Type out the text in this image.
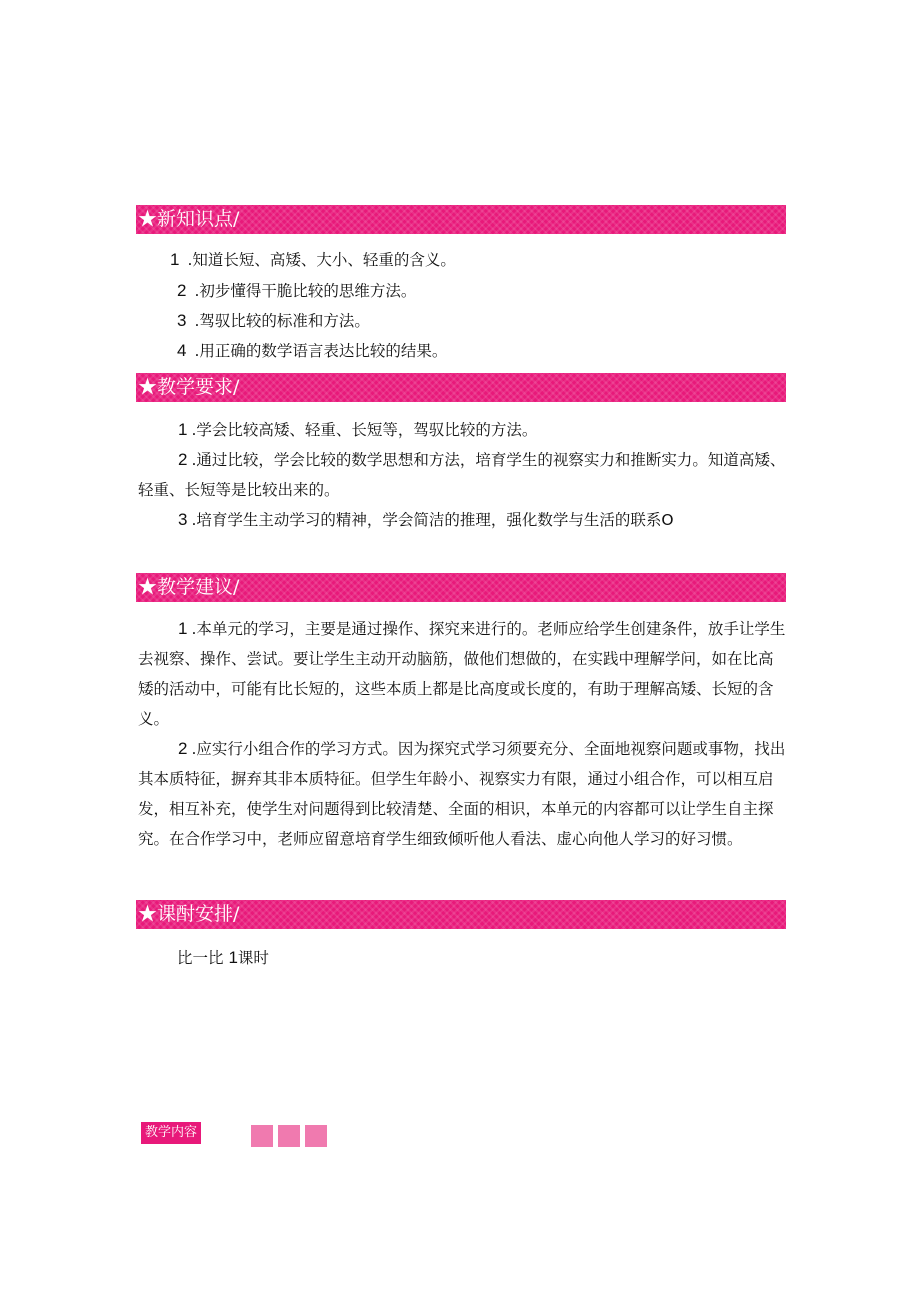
★新知识点/
1 .知道长短、高矮、大小、轻重的含义。
2 .初步懂得干脆比较的思维方法。
3 .驾驭比较的标准和方法。
4 .用正确的数学语言表达比较的结果。
★教学要求/

1 .学会比较高矮、轻重、长短等，驾驭比较的方法。

2 .通过比较，学会比较的数学思想和方法，培育学生的视察实力和推断实力。知道高矮、轻重、长短等是比较出来的。

3 .培育学生主动学习的精神，学会简洁的推理，强化数学与生活的联系O

★教学建议/

1 .本单元的学习，主要是通过操作、探究来进行的。老师应给学生创建条件，放手让学生去视察、操作、尝试。要让学生主动开动脑筋，做他们想做的，在实践中理解学问，如在比高矮的活动中，可能有比长短的，这些本质上都是比高度或长度的，有助于理解高矮、长短的含义。

2 .应实行小组合作的学习方式。因为探究式学习须要充分、全面地视察问题或事物，找出其本质特征，摒弃其非本质特征。但学生年龄小、视察实力有限，通过小组合作，可以相互启发，相互补充，使学生对问题得到比较清楚、全面的相识，本单元的内容都可以让学生自主探究。在合作学习中，老师应留意培育学生细致倾听他人看法、虚心向他人学习的好习惯。

★课酎安排/
比一比 1课时
教学内容
